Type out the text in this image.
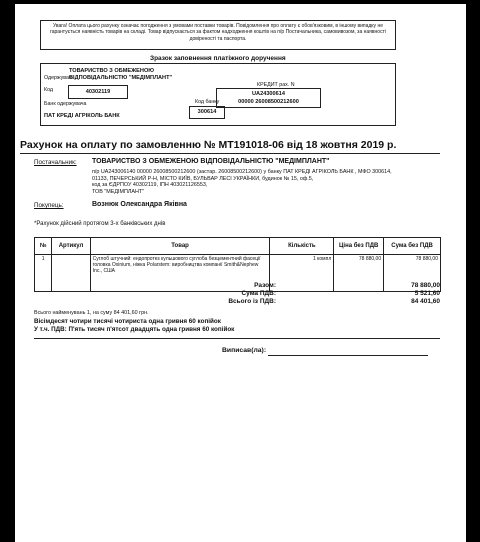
Увага! Оплата цього рахунку означає погодження з умовами поставки товарів. Повідомлення про оплату є обов'язковим, в іншому випадку не гарантується наявність товарів на складі. Товар відпускається за фактом надходження коштів на п/р Постачальника, самовивозом, за наявності довіреності та паспорта.
Зразок заповнення платіжного доручення
Одержувач
ТОВАРИСТВО З ОБМЕЖЕНОЮ ВІДПОВІДАЛЬНІСТЮ "МЕДІМПЛАНТ"
Код	40302119
Банк одержувача
ПАТ КРЕДІ АГРІКОЛЬ БАНК
Код банку
300614
КРЕДИТ рах. N
UA24300614
00000 26008500212600
Рахунок на оплату по замовленню № MT191018-06 від 18 жовтня 2019 р.
Постачальник: ТОВАРИСТВО З ОБМЕЖЕНОЮ ВІДПОВІДАЛЬНІСТЮ "МЕДІМПЛАНТ"
п/р UA243006140 00000 26008500212600 (застар. 26008500212600) у банку ПАТ КРЕДІ АГРІКОЛЬ БАНК , МФО 300614,
01133, ПЕЧЕРСЬКИЙ Р-Н, МІСТО КИЇВ, БУЛЬВАР ЛЕСІ УКРАЇНКИ, будинок № 15, оф.5,
код за ЄДРПОУ 40302119, ІПН 403021126553,
ТОВ "МЕДІМПЛАНТ"
Покупець:	Вознюк Олександра Яківна
*Рахунок дійсний протягом 3-х банківських днів
№	Артикул	Товар	Кількість	Ціна без ПДВ	Сума без ПДВ
1		Суглоб штучний: ендопротез кульшового суглоба безцементний фасеції головка Oxinium, ніжка Polarstem: виробництва компанії Smith&Nephew Inc., США	1 компл	78 880,00	78 880,00
Разом:	78 880,00
Сума ПДВ:	5 521,60
Всього із ПДВ:	84 401,60
Всього найменувань 1, на суму 84 401,60 грн.
Вісімдесят чотири тисячі чотириста одна гривня 60 копійок
У т.ч. ПДВ: П'ять тисяч п'ятсот двадцять одна гривня 60 копійок
Виписав(ла):
